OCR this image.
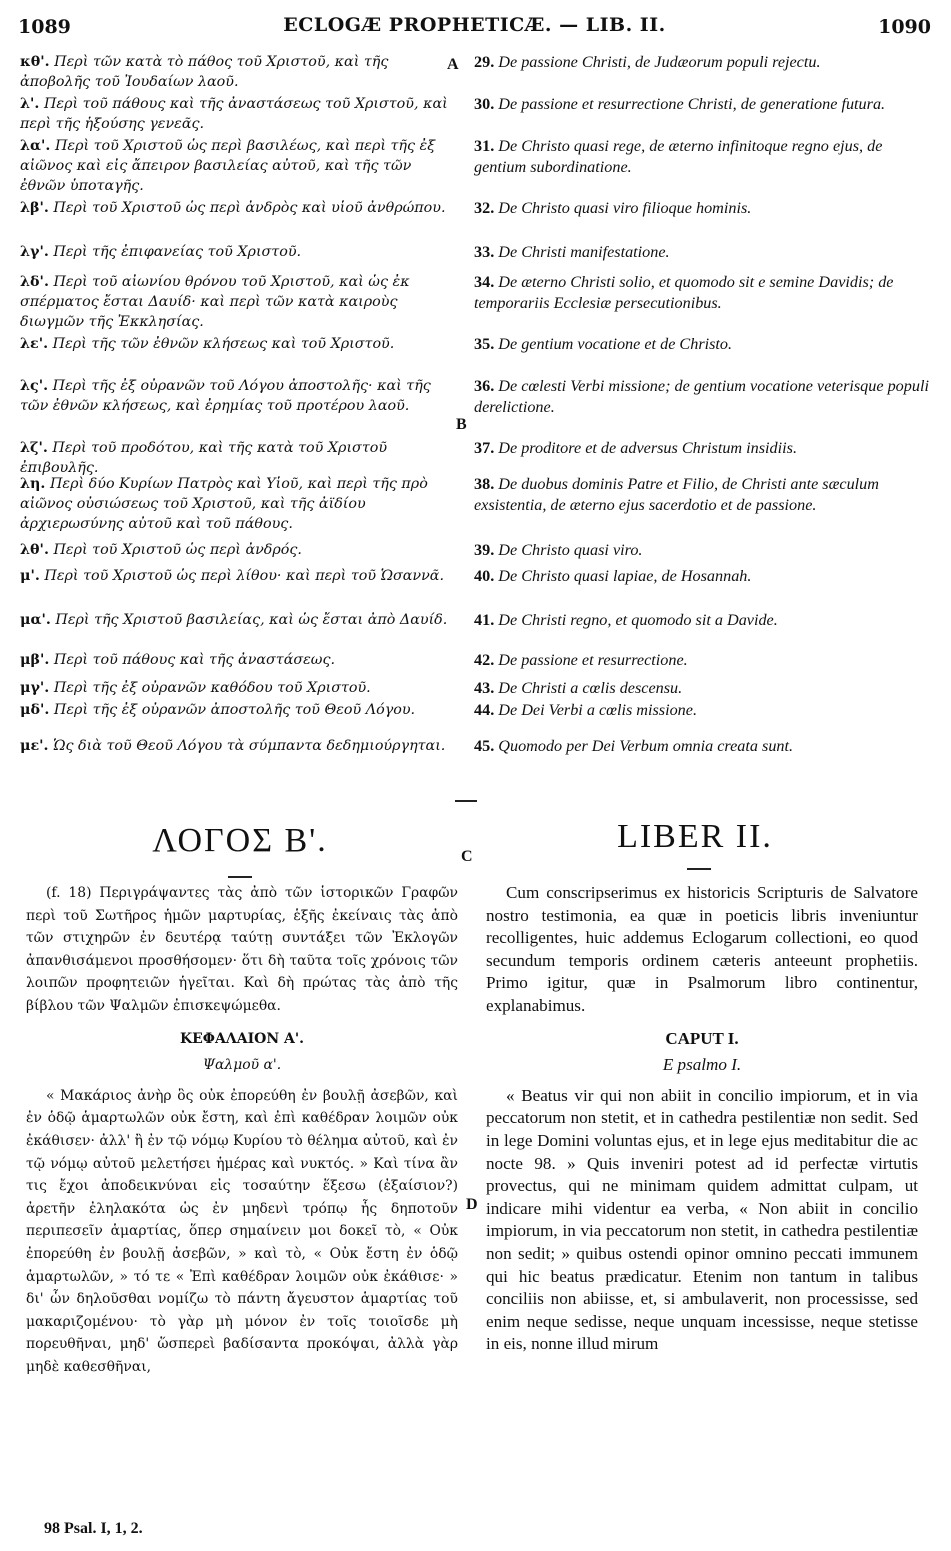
1089	ECLOGÆ PROPHETICÆ. — LIB. II.	1090
κθ'. Περὶ τῶν κατὰ τὸ πάθος τοῦ Χριστοῦ, καὶ τῆς ἀποβολῆς τοῦ Ἰουδαίων λαοῦ.
29. De passione Christi, de Judæorum populi rejectu.
λ'. Περὶ τοῦ πάθους καὶ τῆς ἀναστάσεως τοῦ Χριστοῦ, καὶ περὶ τῆς ἡξούσης γενεᾶς.
30. De passione et resurrectione Christi, de generatione futura.
λα'. Περὶ τοῦ Χριστοῦ ὡς περὶ βασιλέως, καὶ περὶ τῆς ἐξ αἰῶνος καὶ εἰς ἄπειρον βασιλείας αὐτοῦ, καὶ τῆς τῶν ἐθνῶν ὑποταγῆς.
31. De Christo quasi rege, de æterno infinitoque regno ejus, de gentium subordinatione.
λβ'. Περὶ τοῦ Χριστοῦ ὡς περὶ ἀνδρὸς καὶ υἱοῦ ἀνθρώπου.	32. De Christo quasi viro filioque hominis.
λγ'. Περὶ τῆς ἐπιφανείας τοῦ Χριστοῦ.	33. De Christi manifestatione.
λδ'. Περὶ τοῦ αἰωνίου θρόνου τοῦ Χριστοῦ, καὶ ὡς ἐκ σπέρματος ἔσται Δαυίδ· καὶ περὶ τῶν κατὰ καιροὺς διωγμῶν τῆς Ἐκκλησίας.
34. De æterno Christi solio, et quomodo sit e semine Davidis; de temporariis Ecclesiæ persecutionibus.
λε'. Περὶ τῆς τῶν ἐθνῶν κλήσεως καὶ τοῦ Χριστοῦ.	35. De gentium vocatione et de Christo.
λς'. Περὶ τῆς ἐξ οὐρανῶν τοῦ Λόγου ἀποστολῆς· καὶ τῆς τῶν ἐθνῶν κλήσεως, καὶ ἐρημίας τοῦ προτέρου λαοῦ.
36. De cœlesti Verbi missione; de gentium vocatione veterisque populi derelictione.
λζ'. Περὶ τοῦ προδότου, καὶ τῆς κατὰ τοῦ Χριστοῦ ἐπιβουλῆς.
37. De proditore et de adversus Christum insidiis.
λη. Περὶ δύο Κυρίων Πατρὸς καὶ Υἱοῦ, καὶ περὶ τῆς πρὸ αἰῶνος οὐσιώσεως τοῦ Χριστοῦ, καὶ τῆς ἀϊδίου ἀρχιερωσύνης αὐτοῦ καὶ τοῦ πάθους.
38. De duobus dominis Patre et Filio, de Christi ante sæculum exsistentia, de æterno ejus sacerdotio et de passione.
λθ'. Περὶ τοῦ Χριστοῦ ὡς περὶ ἀνδρός.	39. De Christo quasi viro.
μ'. Περὶ τοῦ Χριστοῦ ὡς περὶ λίθου· καὶ περὶ τοῦ Ὡσαννᾶ.	40. De Christo quasi lapiae, de Hosannah.
μα'. Περὶ τῆς Χριστοῦ βασιλείας, καὶ ὡς ἔσται ἀπὸ Δαυίδ.	41. De Christi regno, et quomodo sit a Davide.
μβ'. Περὶ τοῦ πάθους καὶ τῆς ἀναστάσεως.	42. De passione et resurrectione.
μγ'. Περὶ τῆς ἐξ οὐρανῶν καθόδου τοῦ Χριστοῦ.	43. De Christi a cœlis descensu.
μδ'. Περὶ τῆς ἐξ οὐρανῶν ἀποστολῆς τοῦ Θεοῦ Λόγου.	44. De Dei Verbi a cœlis missione.
με'. Ὡς διὰ τοῦ Θεοῦ Λόγου τὰ σύμπαντα δεδημιούργηται.	45. Quomodo per Dei Verbum omnia creata sunt.
A
B
C
D
ΛΟΓΟΣ Β'.	LIBER II.

(f. 18) Περιγράψαντες τὰς ἀπὸ τῶν ἱστορικῶν Γραφῶν περὶ τοῦ Σωτῆρος ἡμῶν μαρτυρίας, ἑξῆς ἐκείναις τὰς ἀπὸ τῶν στιχηρῶν ἐν δευτέρᾳ ταύτῃ συντάξει τῶν Ἐκλογῶν ἀπανθισάμενοι προσθήσομεν· ὅτι δὴ ταῦτα τοῖς χρόνοις τῶν λοιπῶν προφητειῶν ἡγεῖται. Καὶ δὴ πρώτας τὰς ἀπὸ τῆς βίβλου τῶν Ψαλμῶν ἐπισκεψώμεθα.

ΚΕΦΑΛΑΙΟΝ Α'.

Ψαλμοῦ α'.

« Μακάριος ἀνὴρ ὃς οὐκ ἐπορεύθη ἐν βουλῇ ἀσεβῶν, καὶ ἐν ὁδῷ ἁμαρτωλῶν οὐκ ἔστη, καὶ ἐπὶ καθέδραν λοιμῶν οὐκ ἐκάθισεν· ἀλλ' ἢ ἐν τῷ νόμῳ Κυρίου τὸ θέλημα αὐτοῦ, καὶ ἐν τῷ νόμῳ αὐτοῦ μελετήσει ἡμέρας καὶ νυκτός. » Καὶ τίνα ἂν τις ἔχοι ἀποδεικνύναι εἰς τοσαύτην ἕξεσω (ἐξαίσιον?) ἀρετῆν ἐληλακότα ὡς ἐν μηδενὶ τρόπῳ ἧς δηποτοῦν περιπεσεῖν ἁμαρτίας, ὅπερ σημαίνειν μοι δοκεῖ τὸ, « Οὐκ ἐπορεύθη ἐν βουλῇ ἀσεβῶν, » καὶ τὸ, « Οὐκ ἔστη ἐν ὁδῷ ἁμαρτωλῶν, » τό τε « Ἐπὶ καθέδραν λοιμῶν οὐκ ἐκάθισε· » δι' ὧν δηλοῦσθαι νομίζω τὸ πάντη ἄγευστον ἁμαρτίας τοῦ μακαριζομένου· τὸ γὰρ μὴ μόνον ἐν τοῖς τοιοῖσδε μὴ πορευθῆναι, μηδ' ὥσπερεὶ βαδίσαντα προκόψαι, ἀλλὰ γὰρ μηδὲ καθεσθῆναι,

Cum conscripserimus ex historicis Scripturis de Salvatore nostro testimonia, ea quæ in poeticis libris inveniuntur recolligentes, huic addemus Eclogarum collectioni, eo quod secundum temporis ordinem cæteris anteeunt prophetiis. Primo igitur, quæ in Psalmorum libro continentur, explanabimus.

CAPUT I.

E psalmo I.

« Beatus vir qui non abiit in concilio impiorum, et in via peccatorum non stetit, et in cathedra pestilentiæ non sedit. Sed in lege Domini voluntas ejus, et in lege ejus meditabitur die ac nocte 98. » Quis inveniri potest ad id perfectæ virtutis provectus, qui ne minimam quidem admittat culpam, ut indicare mihi videntur ea verba, « Non abiit in concilio impiorum, in via peccatorum non stetit, in cathedra pestilentiæ non sedit; » quibus ostendi opinor omnino peccati immunem qui hic beatus prædicatur. Etenim non tantum in talibus conciliis non abiisse, et, si ambulaverit, non processisse, sed enim neque sedisse, neque unquam incessisse, neque stetisse in eis, nonne illud mirum

98 Psal. I, 1, 2.
